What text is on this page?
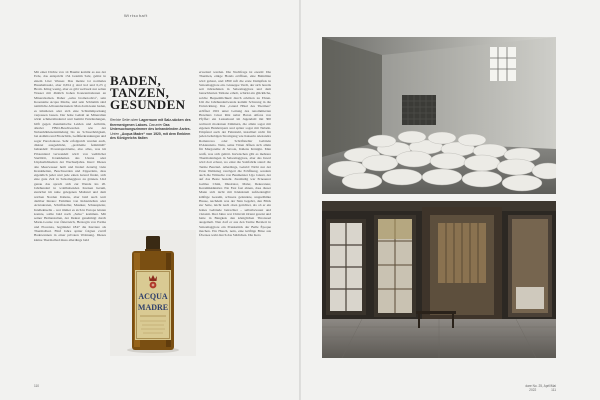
Wirtschaft
Mit einer Dichte von 14 Baumé kommt es aus der Erde, das entspricht 154 Gramm Salz, gelöst in einem Liter Wasser. Das meiste ist normales Haushaltssalz, aber 0,654 g sind Iod und 0,23 g Brom. Kling wenig, aber es gibt weltweit nur selten Wasser mit ähnlich hohen Konzentrationen an Mineralsalzen. Daher „salsa bromoiodica“, sein Kosename Acqua Madre, und sein Schlamm sind natürliche Allroundarzneien: Man darin kann baden, es inhalieren oder sich eine Schlammpackung verpassen lassen. Der hohe Gehalt an Mineralien wirkt schmerzlindernd und hemmt Entzündungen, hilft gegen rheumatische Leiden und Arthritis, allerlei HNO-Beschwerden wie der Nebenhöhlenentzündung bis zu Schwerhörigkeit, bei Asthma und Bronchitis, Gefäßerkrankungen und sogar Parodontose. Sehr erfolgreich wurden auch, diskret ausgedrückt, „probleme femminili“ behandelt: Prostataprobleme, also alles, was im Pilotenland verwandelt wird: von weiblicher Sterilität, Krankheiten des Uterus oder Unpässlichkeiten der Wechseljahre. Kurz: Dieses alte Meerwasser heilt und lindert derartig viele Krankheiten, Beschwerden und Zipperlein, dass eigentlich jeder und jede einen Grund findet, sich eine gute Zeit in Salsomaggiore zu gönnen. Und genau das sprach sich zur Wende ins 20. Jahrhundert in wohlhabenden Kreisen herum, zunächst im nahe gelegenen Mailand und dem reichen Norden Italiens, aber bald auch weit darüber hinaus: Familien von Industriellen oder Aristokraten, Schriftsteller, Musiker, Schauspieler, Intellektuelle – wer immer es sich in Europa leisten konnte, sollte bald nach „Salso“ kommen. Mit seiner Heilanstalten, der Dekret genehmigt durch Marie-Louise von Österreich, Herzogin von Parma und Piacenza, begründet 1847 die Karriere als Thermalbad. Fünf Jahre später folgten zwölf Badewannen in einer privaten Wohnung. Dieses kleine Thermalbad muss allerdings bald
BADEN,
TANZEN,
GESUNDEN

Rechte Seite oben Lagerraum mit Salz-säcken des thermenigenen Labors. Darunter Das Untersuchungszimmer des behandelnden Arztes. Unten „Acqua Madre“ von 1920, mit dem Emblem des Königreichs Italien

ACQUA
MADRE
erweitert werden. Die Nachfrage ist enorm: Die Thermen, einige Hotels eröffnen, eine Bahnlinie wird gebaut, und 1890 ruft die erste Dampflok in Salsomaggiore ein. Giuseppe Verdi, der sich bereits seit Jahrzehnten in Salsomaggiore und dem benachbarten Tabiano erholt, schickt ein glückliche, solche Bequemlichkeit durch erlebten zu Ehren. Um die Jahrhundertwende kommt Schwung in die Entwicklung. Das „Grand Hôtel des Thermes“ eröffnet 1901 unter Leitung des renommierten Hoteliers César Ritz nebst Baron Alfons von Pfyffer: ein Luxushotel im Jugendstil mit 300 weltweit modernen Zimmern, die allein sogar mit eigenen Heizkörpern und später sogar mit Nebeln. Empfand auch der Fahrstuhl, installiert nicht für jeden beliebigen Stromgang wie Kaiserin Alexandra Romanowa oder Schriftsteller Gabriele D'Annunzio. Nein, seine Türen öffnen sich allein für Margarethe di Savoia, Italiens Königin. Man weiß, was sich gehört. Inzwischen gibt es mehrere Thermalanlagen in Salsomaggiore, aber das Juwel wird dort erbaut, wo einst die Salzfabrik stand: die Terme Berzieri. Allerdings, Gelald: Nicht nur der Erste Weltkrieg verzögert die Eröffnung, sondern auch die Wünsche von Baumeister Ugo Giusti, der auf das Beste besteht. Zuständig war Erneuerer Galileo Chini, Illustrator, Maler, Dekorateur, Keramikkünstler. Ein Fest fast ahnen, dass dieser Mann sich nicht mit Kleinkram zufriedengibt: kräftige Gesamt, schwere gelandete, ungezähmte Hause, nachdem was der Sinn begehrt, den Blick zur Seite, leicht nach oben gerichtet, als ob er ein hohes Gebäude betrachtet – selbstbewusst und visionär. Drei Jahre war Chini im Orient gereist und hatte in Bangkok den königlichen Thronsaal ausgemalt. Nun darf er aus den Terme Berzieri in Salsomaggiore ein Prunkstück der Belle Époque machen. Ein Hauch, nein, eine kräftige Brise aus Übersee weht durch das Städtchen. Die Kera
110	dare No. 25, April/Mai 2022	111
